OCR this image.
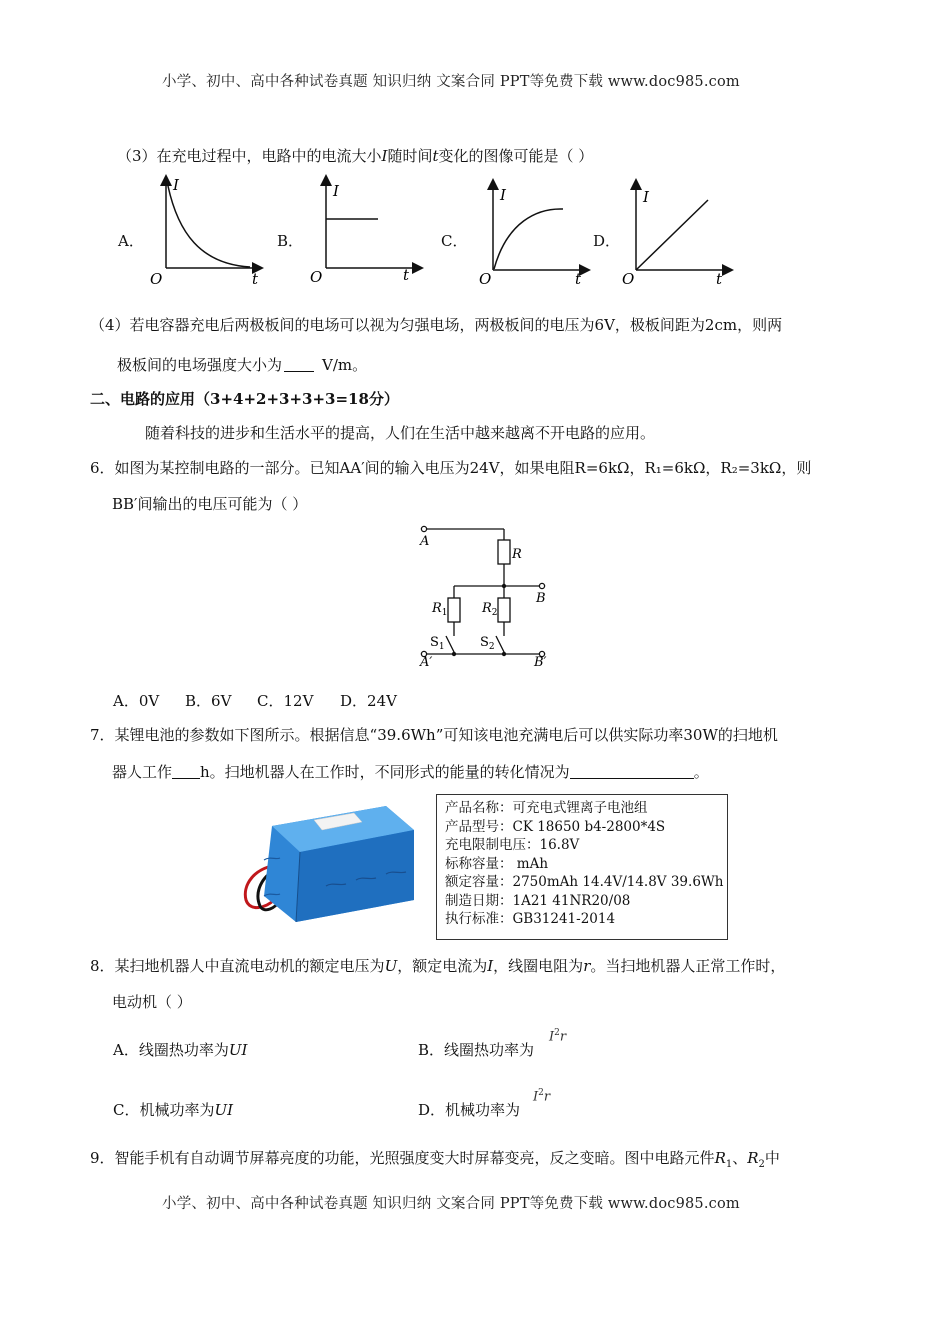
小学、初中、高中各种试卷真题 知识归纳 文案合同 PPT等免费下载 www.doc985.com
（3）在充电过程中，电路中的电流大小I随时间t变化的图像可能是（ ）
A．	B．	C．	D．
I
t
O
I
t
O
I
t
O
I
t
O
（4）若电容器充电后两极板间的电场可以视为匀强电场，两极板间的电压为6V，极板间距为2cm，则两
极板间的电场强度大小为	V/m。
二、电路的应用（3+4+2+3+3+3=18分）
随着科技的进步和生活水平的提高，人们在生活中越来越离不开电路的应用。
6．如图为某控制电路的一部分。已知AA′间的输入电压为24V，如果电阻R=6kΩ，R₁=6kΩ，R₂=3kΩ，则
BB′间输出的电压可能为（ ）
A
R
B
$R_1$	$R_2$
$S_1$	$S_2$
A′	B′
A．0V B．6V C．12V D．24V
7．某锂电池的参数如下图所示。根据信息“39.6Wh”可知该电池充满电后可以供实际功率30W的扫地机
器人工作 h。扫地机器人在工作时，不同形式的能量的转化情况为	。
产品名称：可充电式锂离子电池组
产品型号：CK 18650 b4-2800*4S
充电限制电压：16.8V
标称容量： mAh
额定容量：2750mAh 14.4V/14.8V 39.6Wh
制造日期：1A21 41NR20/08
执行标准：GB31241-2014
8．某扫地机器人中直流电动机的额定电压为U，额定电流为I，线圈电阻为r。当扫地机器人正常工作时，
电动机（ ）
A．线圈热功率为UI	B．线圈热功率为
$I^2r$
C．机械功率为UI	D．机械功率为
$I^2r$
9．智能手机有自动调节屏幕亮度的功能，光照强度变大时屏幕变亮，反之变暗。图中电路元件$R_1$、$R_2$中
小学、初中、高中各种试卷真题 知识归纳 文案合同 PPT等免费下载 www.doc985.com
